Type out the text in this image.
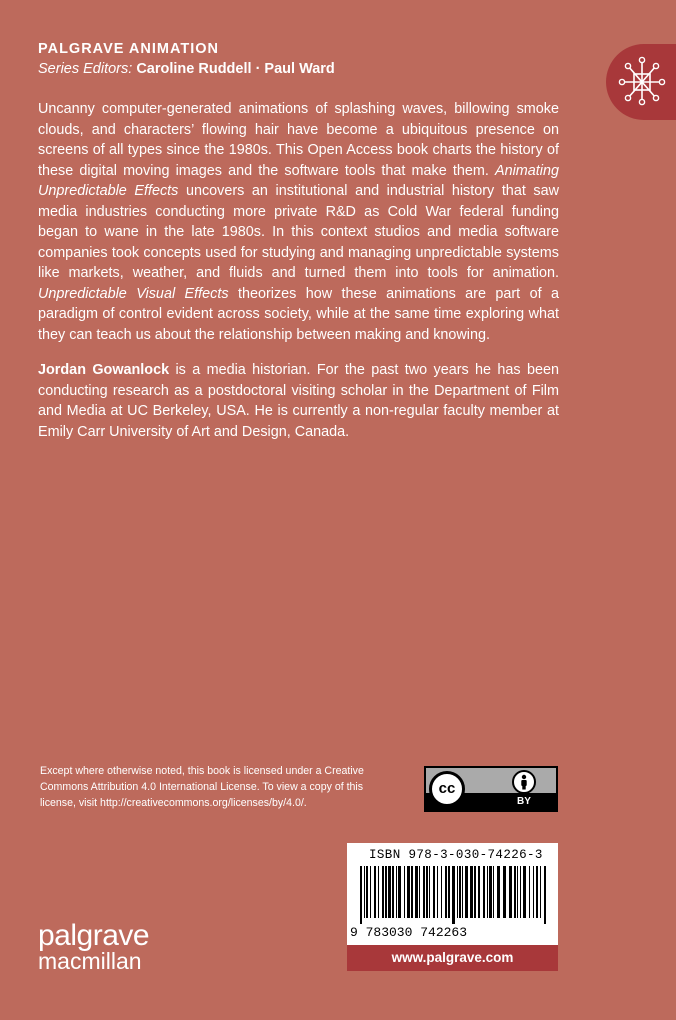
PALGRAVE ANIMATION
Series Editors: Caroline Ruddell · Paul Ward

Uncanny computer-generated animations of splashing waves, billowing smoke clouds, and characters’ flowing hair have become a ubiquitous presence on screens of all types since the 1980s. This Open Access book charts the history of these digital moving images and the software tools that make them. Animating Unpredictable Effects uncovers an institutional and industrial history that saw media industries conducting more private R&D as Cold War federal funding began to wane in the late 1980s. In this context studios and media software companies took concepts used for studying and managing unpredictable systems like markets, weather, and fluids and turned them into tools for animation. Unpredictable Visual Effects theorizes how these animations are part of a paradigm of control evident across society, while at the same time exploring what they can teach us about the relationship between making and knowing.

Jordan Gowanlock is a media historian. For the past two years he has been conducting research as a postdoctoral visiting scholar in the Department of Film and Media at UC Berkeley, USA. He is currently a non-regular faculty member at Emily Carr University of Art and Design, Canada.

Except where otherwise noted, this book is licensed under a Creative Commons Attribution 4.0 International License. To view a copy of this license, visit http://creativecommons.org/licenses/by/4.0/.

cc
BY
ISBN 978-3-030-74226-3
9 783030 742263
www.palgrave.com
palgrave
macmillan
